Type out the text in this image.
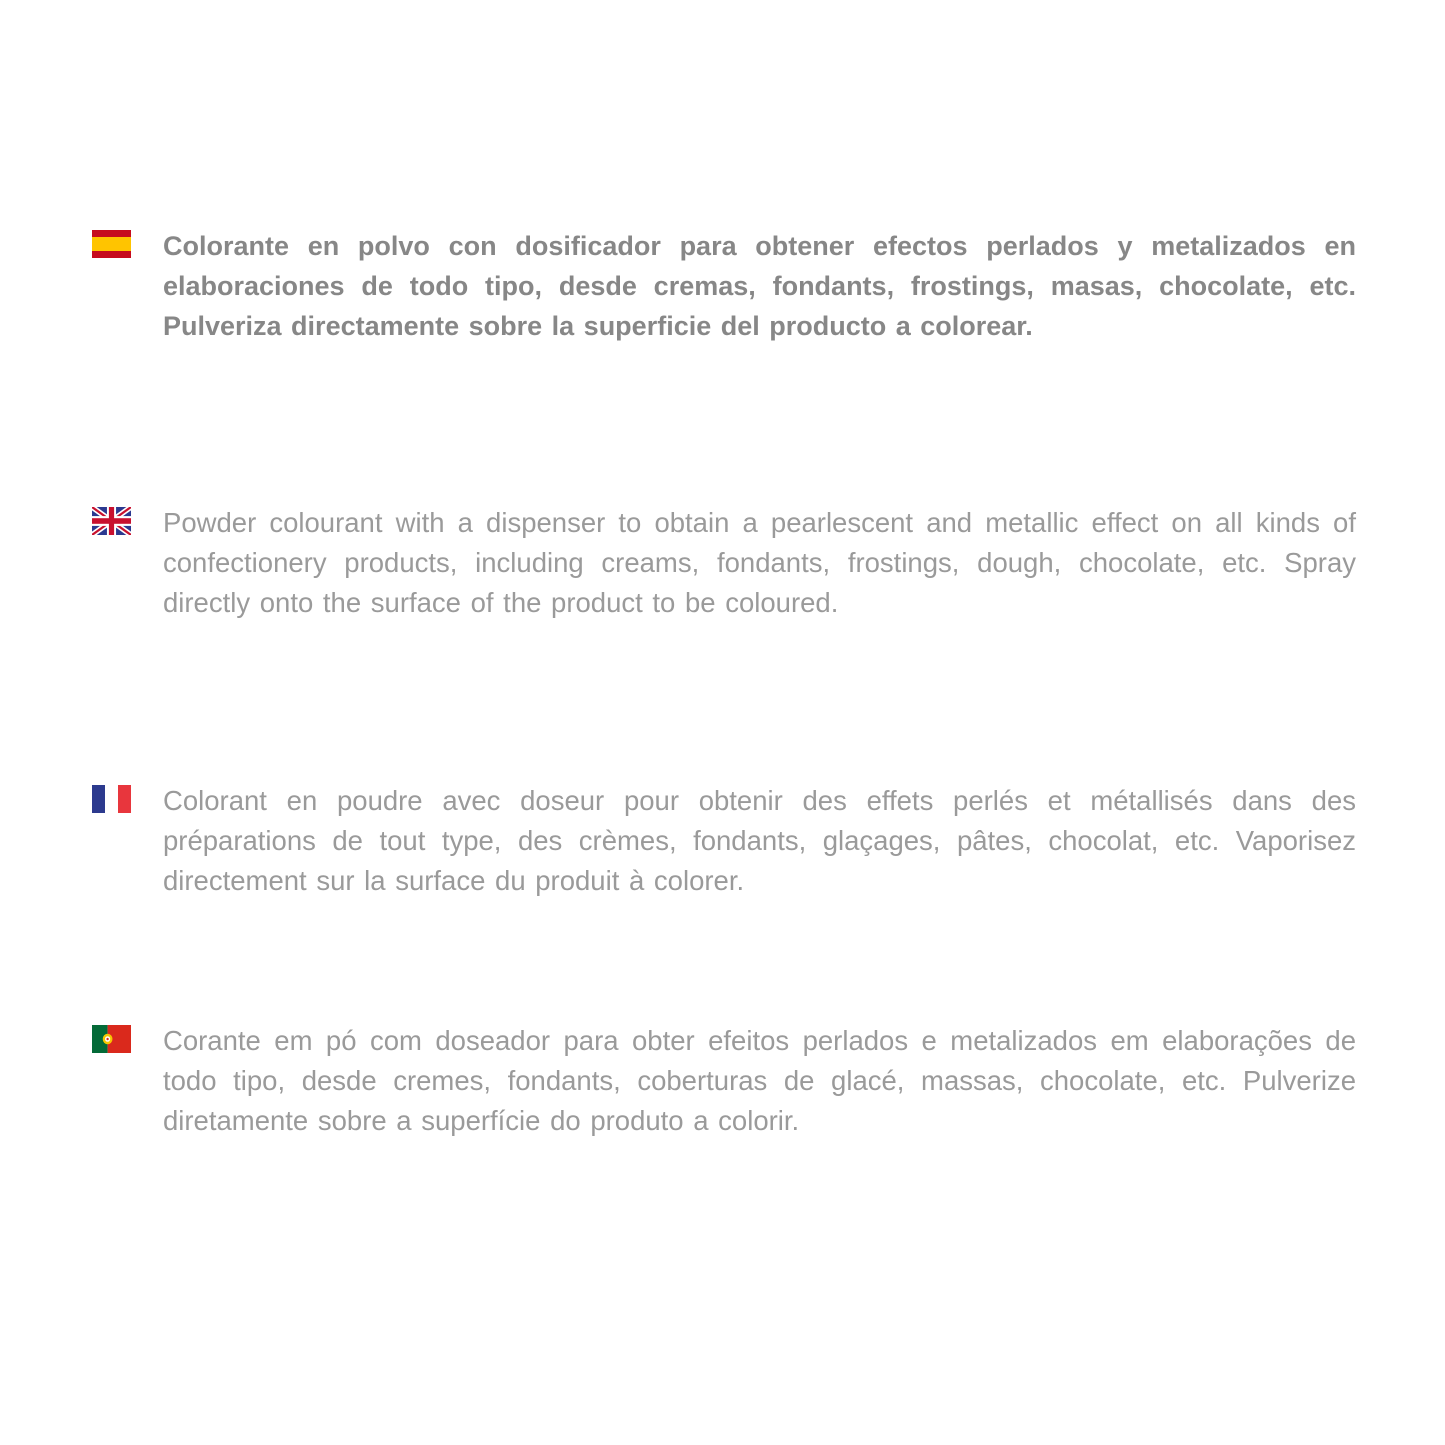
Colorante en polvo con dosificador para obtener efectos perlados y metalizados en elaboraciones de todo tipo, desde cremas, fondants, frostings, masas, chocolate, etc. Pulveriza directamente sobre la superficie del producto a colorear.

Powder colourant with a dispenser to obtain a pearlescent and metallic effect on all kinds of confectionery products, including creams, fondants, frostings, dough, chocolate, etc. Spray directly onto the surface of the product to be coloured.

Colorant en poudre avec doseur pour obtenir des effets perlés et métallisés dans des préparations de tout type, des crèmes, fondants, glaçages, pâtes, chocolat, etc. Vaporisez directement sur la surface du produit à colorer.

Corante em pó com doseador para obter efeitos perlados e metalizados em elaborações de todo tipo, desde cremes, fondants, coberturas de glacé, massas, chocolate, etc. Pulverize diretamente sobre a superfície do produto a colorir.
